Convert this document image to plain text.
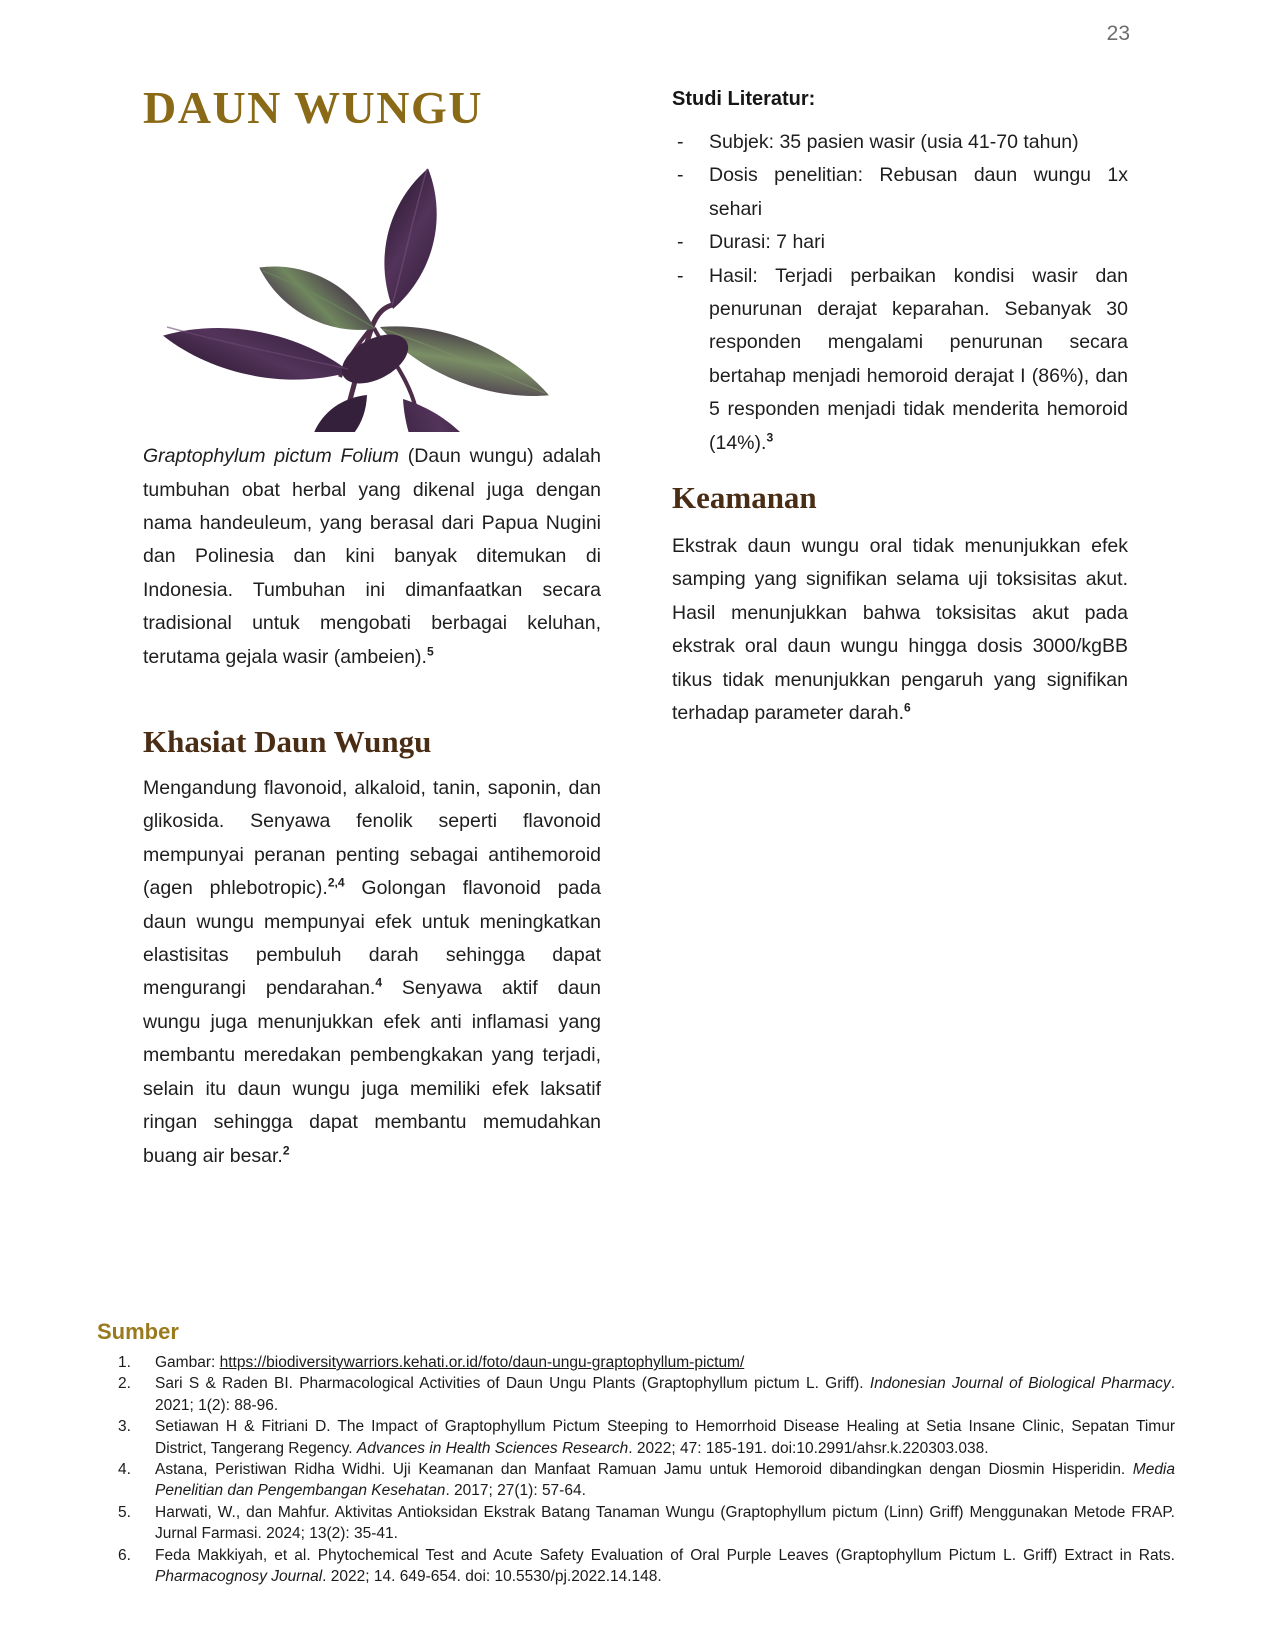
23
DAUN WUNGU

Graptophylum pictum Folium (Daun wungu) adalah tumbuhan obat herbal yang dikenal juga dengan nama handeuleum, yang berasal dari Papua Nugini dan Polinesia dan kini banyak ditemukan di Indonesia. Tumbuhan ini dimanfaatkan secara tradisional untuk mengobati berbagai keluhan, terutama gejala wasir (ambeien).$^5$

Khasiat Daun Wungu

Mengandung flavonoid, alkaloid, tanin, saponin, dan glikosida. Senyawa fenolik seperti flavonoid mempunyai peranan penting sebagai antihemoroid (agen phlebotropic).$^{2,4}$ Golongan flavonoid pada daun wungu mempunyai efek untuk meningkatkan elastisitas pembuluh darah sehingga dapat mengurangi pendarahan.$^4$ Senyawa aktif daun wungu juga menunjukkan efek anti inflamasi yang membantu meredakan pembengkakan yang terjadi, selain itu daun wungu juga memiliki efek laksatif ringan sehingga dapat membantu memudahkan buang air besar.$^2$

Studi Literatur:
- Subjek: 35 pasien wasir (usia 41-70 tahun)
- Dosis penelitian: Rebusan daun wungu 1x sehari
- Durasi: 7 hari
- Hasil: Terjadi perbaikan kondisi wasir dan penurunan derajat keparahan. Sebanyak 30 responden mengalami penurunan secara bertahap menjadi hemoroid derajat I (86%), dan 5 responden menjadi tidak menderita hemoroid (14%).$^3$
Keamanan

Ekstrak daun wungu oral tidak menunjukkan efek samping yang signifikan selama uji toksisitas akut. Hasil menunjukkan bahwa toksisitas akut pada ekstrak oral daun wungu hingga dosis 3000/kgBB tikus tidak menunjukkan pengaruh yang signifikan terhadap parameter darah.$^6$

Sumber
Gambar: https://biodiversitywarriors.kehati.or.id/foto/daun-ungu-graptophyllum-pictum/
Sari S & Raden BI. Pharmacological Activities of Daun Ungu Plants (Graptophyllum pictum L. Griff). Indonesian Journal of Biological Pharmacy. 2021; 1(2): 88-96.
Setiawan H & Fitriani D. The Impact of Graptophyllum Pictum Steeping to Hemorrhoid Disease Healing at Setia Insane Clinic, Sepatan Timur District, Tangerang Regency. Advances in Health Sciences Research. 2022; 47: 185-191. doi:10.2991/ahsr.k.220303.038.
Astana, Peristiwan Ridha Widhi. Uji Keamanan dan Manfaat Ramuan Jamu untuk Hemoroid dibandingkan dengan Diosmin Hisperidin. Media Penelitian dan Pengembangan Kesehatan. 2017; 27(1): 57-64.
Harwati, W., dan Mahfur. Aktivitas Antioksidan Ekstrak Batang Tanaman Wungu (Graptophyllum pictum (Linn) Griff) Menggunakan Metode FRAP. Jurnal Farmasi. 2024; 13(2): 35-41.
Feda Makkiyah, et al. Phytochemical Test and Acute Safety Evaluation of Oral Purple Leaves (Graptophyllum Pictum L. Griff) Extract in Rats. Pharmacognosy Journal. 2022; 14. 649-654. doi: 10.5530/pj.2022.14.148.
